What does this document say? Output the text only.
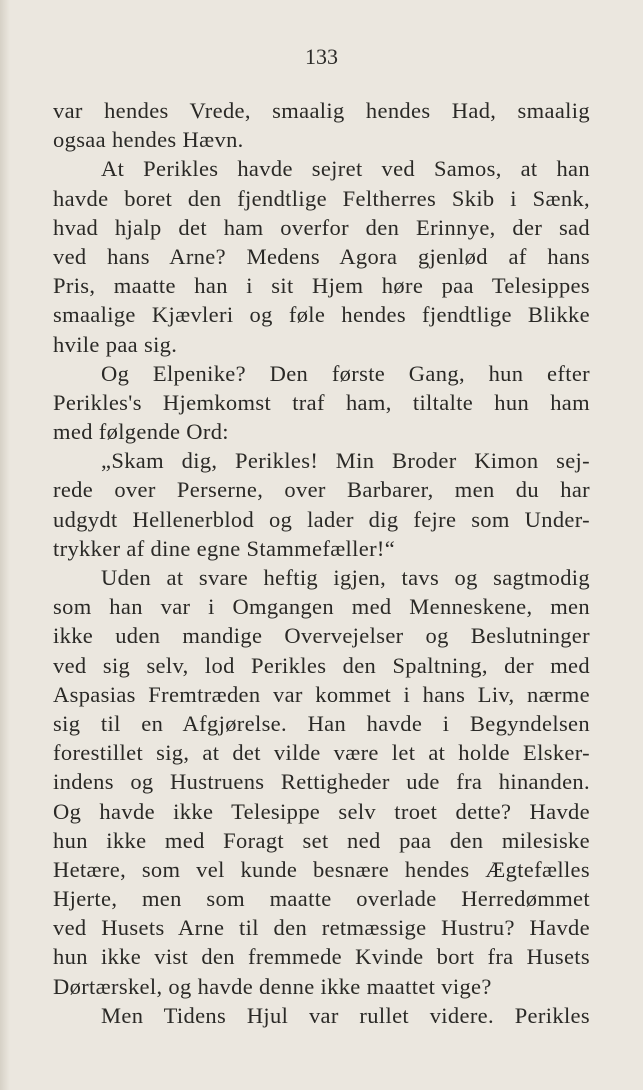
133
var hendes Vrede, smaalig hendes Had, smaalig
ogsaa hendes Hævn.
At Perikles havde sejret ved Samos, at han
havde boret den fjendtlige Feltherres Skib i Sænk,
hvad hjalp det ham overfor den Erinnye, der sad
ved hans Arne? Medens Agora gjenlød af hans
Pris, maatte han i sit Hjem høre paa Telesippes
smaalige Kjævleri og føle hendes fjendtlige Blikke
hvile paa sig.
Og Elpenike? Den første Gang, hun efter
Perikles's Hjemkomst traf ham, tiltalte hun ham
med følgende Ord:
„Skam dig, Perikles! Min Broder Kimon sej-
rede over Perserne, over Barbarer, men du har
udgydt Hellenerblod og lader dig fejre som Under-
trykker af dine egne Stammefæller!“
Uden at svare heftig igjen, tavs og sagtmodig
som han var i Omgangen med Menneskene, men
ikke uden mandige Overvejelser og Beslutninger
ved sig selv, lod Perikles den Spaltning, der med
Aspasias Fremtræden var kommet i hans Liv, nærme
sig til en Afgjørelse. Han havde i Begyndelsen
forestillet sig, at det vilde være let at holde Elsker-
indens og Hustruens Rettigheder ude fra hinanden.
Og havde ikke Telesippe selv troet dette? Havde
hun ikke med Foragt set ned paa den milesiske
Hetære, som vel kunde besnære hendes Ægtefælles
Hjerte, men som maatte overlade Herredømmet
ved Husets Arne til den retmæssige Hustru? Havde
hun ikke vist den fremmede Kvinde bort fra Husets
Dørtærskel, og havde denne ikke maattet vige?
Men Tidens Hjul var rullet videre. Perikles
